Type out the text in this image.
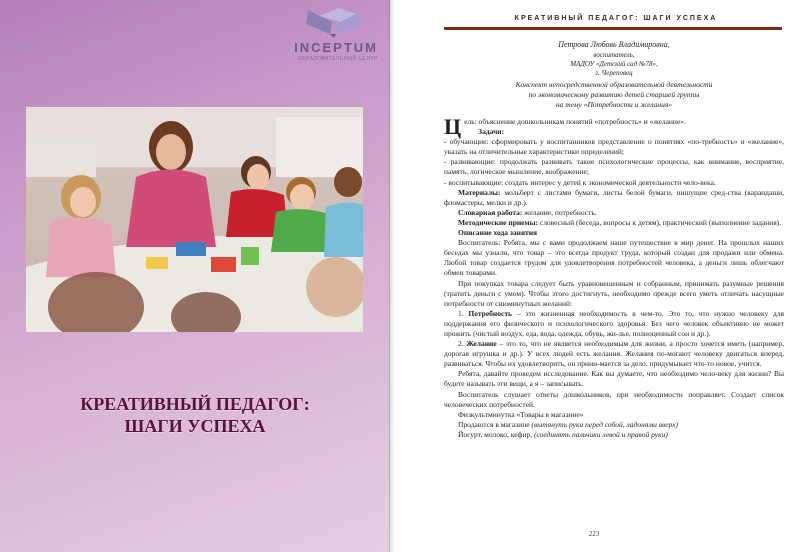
INCEPTUM
ОБРАЗОВАТЕЛЬНЫЙ ЦЕНТР
КРЕАТИВНЫЙ ПЕДАГОГ:
ШАГИ УСПЕХА
КРЕАТИВНЫЙ ПЕДАГОГ: ШАГИ УСПЕХА
Петрова Любовь Владимировна,
воспитатель,
МАДОУ «Детский сад №78»,
г. Череповец
Конспект непосредственной образовательной деятельности
по экономическому развитию детей старшей группы
на тему «Потребности и желания»

Цель: объяснение дошкольникам понятий «потребность» и «желание».

Задачи:

- обучающие: сформировать у воспитанников представление о понятиях «по-требность» и «желание», указать на отличительные характеристики определений;

- развивающие: продолжать развивать такие психологические процессы, как внимание, восприятие, память, логическое мышление, воображение;

- воспитывающие: создать интерес у детей к экономической деятельности чело-века.

Материалы: мольберт с листами бумаги, листы белой бумаги, пишущие сред-ства (карандаши, фломастеры, мелки и др.).

Словарная работа: желание, потребность.

Методические приемы: словесный (беседа, вопросы к детям), практический (выполнение задания).

Описание хода занятия

Воспитатель: Ребята, мы с вами продолжаем наше путешествие в мир денег. На прошлых наших беседах мы узнали, что товар – это всегда продукт труда, который создан для продажи или обмена. Любой товар создается трудом для удовлетворения потребностей человека, а деньги лишь облегчают обмен товарами.

При покупках товара следует быть уравновешенным и собранным, принимать разумные решения (тратить деньги с умом). Чтобы этого достигнуть, необходимо прежде всего уметь отличать насущные потребности от сиюминутных желаний:

1. Потребность – это жизненная необходимость в чем-то. Это то, что нужно человеку для поддержания его физического и психологического здоровья. Без чего человек объективно не может прожить (чистый воздух, еда, вода, одежда, обувь, жи-лье, полноценный сон и др.).

2. Желание – это то, что не является необходимым для жизни, а просто хочется иметь (например, дорогая игрушка и др.). У всех людей есть желания. Желания по-могают человеку двигаться вперед, развиваться. Чтобы их удовлетворить, он прини-мается за дело, придумывает что-то новое, учится.

Ребята, давайте проведем исследование. Как вы думаете, что необходимо чело-веку для жизни? Вы будете называть эти вещи, а я – записывать.

Воспитатель слушает ответы дошкольников, при необходимости поправляет. Создает список человеческих потребностей.

Физкультминутка «Товары в магазине»

Продаются в магазине (вытянуть руки перед собой, ладонями вверх)

Йогурт, молоко, кефир, (соединять пальчики левой и правой руки)

223
